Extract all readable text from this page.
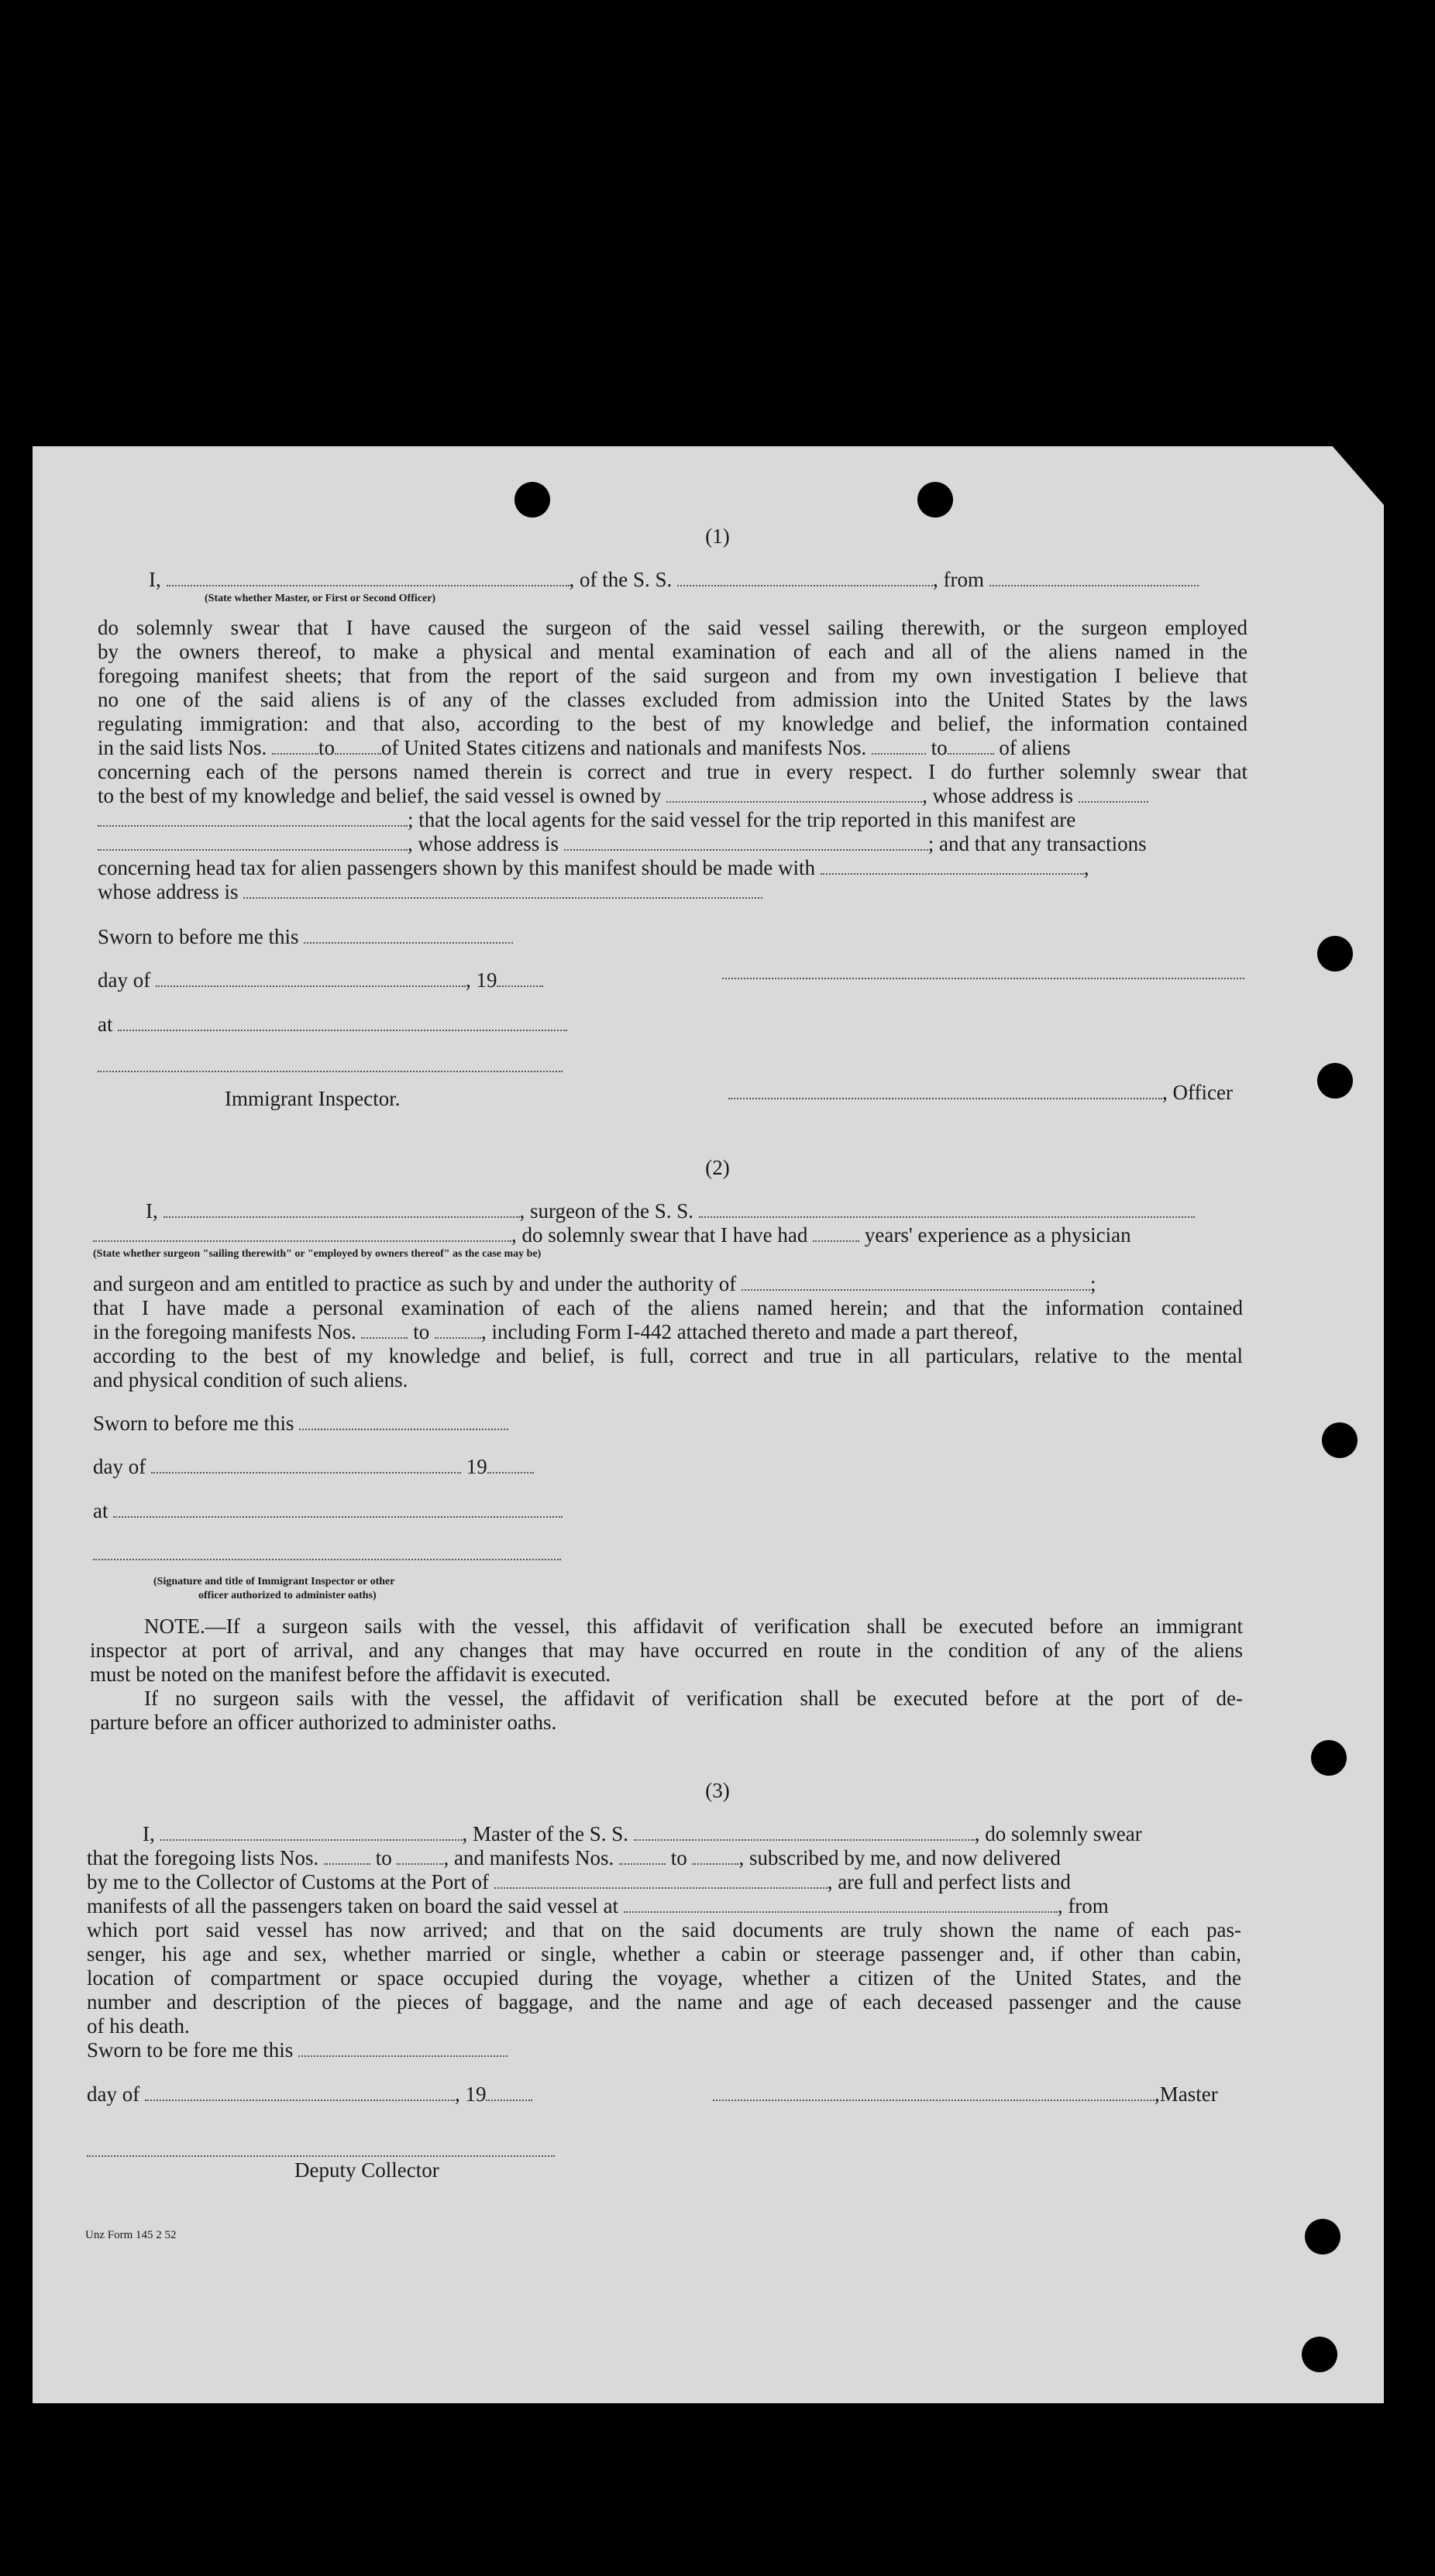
(1)
I,	, of the S. S.	, from
(State whether Master, or First or Second Officer)
do solemnly swear that I have caused the surgeon of the said vessel sailing therewith, or the surgeon employed
by the owners thereof, to make a physical and mental examination of each and all of the aliens named in the
foregoing manifest sheets; that from the report of the said surgeon and from my own investigation I believe that
no one of the said aliens is of any of the classes excluded from admission into the United States by the laws
regulating immigration: and that also, according to the best of my knowledge and belief, the information contained
in the said lists Nos. to of United States citizens and nationals and manifests Nos.	to of aliens
concerning each of the persons named therein is correct and true in every respect. I do further solemnly swear that
to the best of my knowledge and belief, the said vessel is owned by	, whose address is
; that the local agents for the said vessel for the trip reported in this manifest are
, whose address is	; and that any transactions
concerning head tax for alien passengers shown by this manifest should be made with	,
whose address is
Sworn to before me this
day of	, 19
at
Immigrant Inspector.	, Officer
(2)
I,	, surgeon of the S. S.
, do solemnly swear that I have had	years' experience as a physician
(State whether surgeon "sailing therewith" or "employed by owners thereof" as the case may be)
and surgeon and am entitled to practice as such by and under the authority of	;
that I have made a personal examination of each of the aliens named herein; and that the information contained
in the foregoing manifests Nos.	to , including Form I-442 attached thereto and made a part thereof,
according to the best of my knowledge and belief, is full, correct and true in all particulars, relative to the mental
and physical condition of such aliens.
Sworn to before me this
day of	19
at
(Signature and title of Immigrant Inspector or other
officer authorized to administer oaths)
NOTE.—If a surgeon sails with the vessel, this affidavit of verification shall be executed before an immigrant
inspector at port of arrival, and any changes that may have occurred en route in the condition of any of the aliens
must be noted on the manifest before the affidavit is executed.
If no surgeon sails with the vessel, the affidavit of verification shall be executed before at the port of de-
parture before an officer authorized to administer oaths.
(3)
I,	, Master of the S. S.	, do solemnly swear
that the foregoing lists Nos.	to , and manifests Nos.	to , subscribed by me, and now delivered
by me to the Collector of Customs at the Port of	, are full and perfect lists and
manifests of all the passengers taken on board the said vessel at	, from
which port said vessel has now arrived; and that on the said documents are truly shown the name of each pas-
senger, his age and sex, whether married or single, whether a cabin or steerage passenger and, if other than cabin,
location of compartment or space occupied during the voyage, whether a citizen of the United States, and the
number and description of the pieces of baggage, and the name and age of each deceased passenger and the cause
of his death.
Sworn to be fore me this
day of	, 19	,Master
Deputy Collector
Unz Form 145 2 52
